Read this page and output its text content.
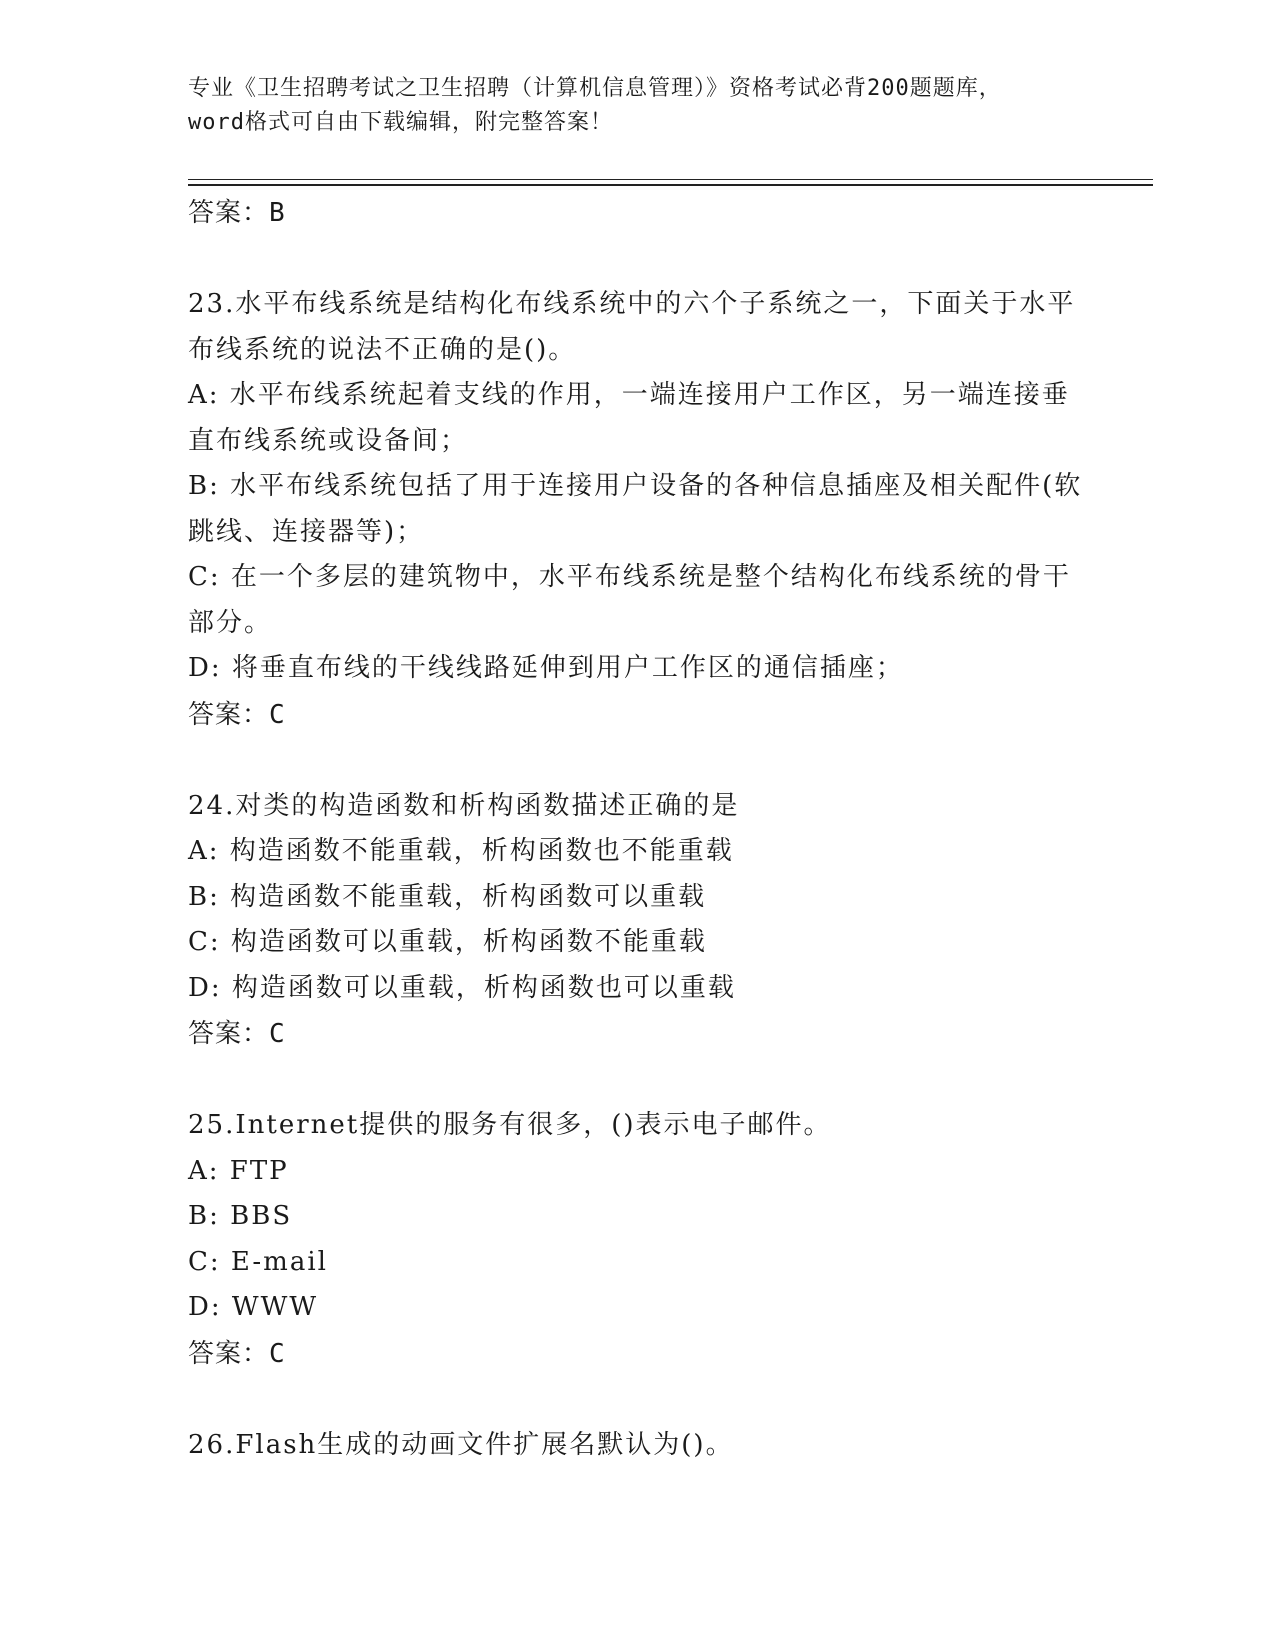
专业《卫生招聘考试之卫生招聘（计算机信息管理）》资格考试必背200题题库，
word格式可自由下载编辑，附完整答案！
答案：B
23.水平布线系统是结构化布线系统中的六个子系统之一，下面关于水平布线系统的说法不正确的是()。
A: 水平布线系统起着支线的作用，一端连接用户工作区，另一端连接垂直布线系统或设备间；
B: 水平布线系统包括了用于连接用户设备的各种信息插座及相关配件(软跳线、连接器等)；
C: 在一个多层的建筑物中，水平布线系统是整个结构化布线系统的骨干部分。
D: 将垂直布线的干线线路延伸到用户工作区的通信插座；
答案：C
24.对类的构造函数和析构函数描述正确的是
A: 构造函数不能重载，析构函数也不能重载
B: 构造函数不能重载，析构函数可以重载
C: 构造函数可以重载，析构函数不能重载
D: 构造函数可以重载，析构函数也可以重载
答案：C
25.Internet提供的服务有很多，()表示电子邮件。
A: FTP
B: BBS
C: E-mail
D: WWW
答案：C
26.Flash生成的动画文件扩展名默认为()。
